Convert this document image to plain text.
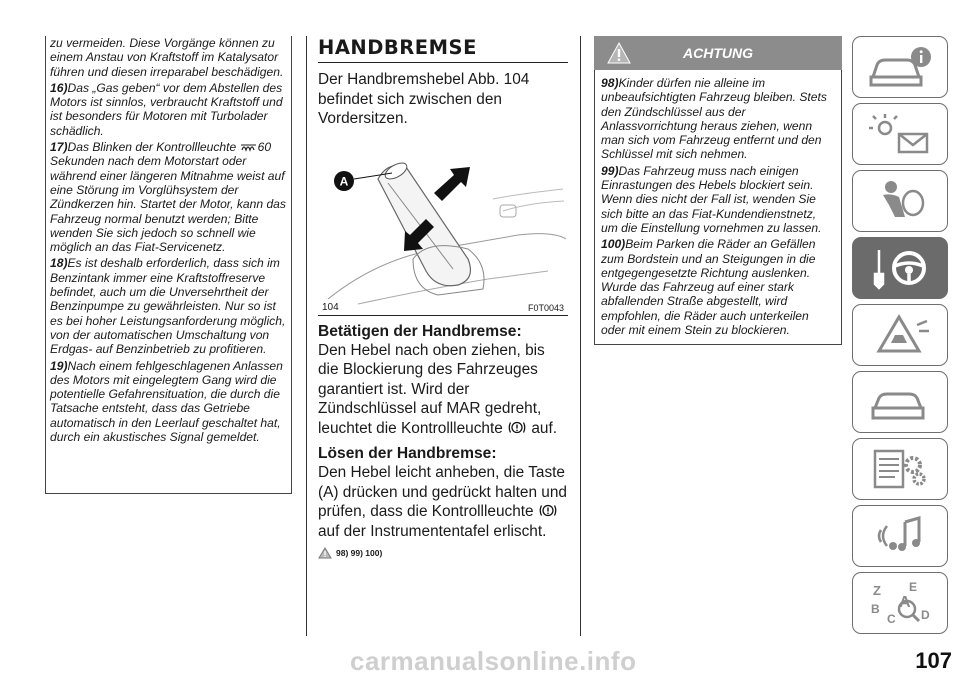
zu vermeiden. Diese Vorgänge können zu einem Anstau von Kraftstoff im Katalysator führen und diesen irreparabel beschädigen.

16)Das „Gas geben“ vor dem Abstellen des Motors ist sinnlos, verbraucht Kraftstoff und ist besonders für Motoren mit Turbolader schädlich.

17)Das Blinken der Kontrollleuchte 60 Sekunden nach dem Motorstart oder während einer längeren Mitnahme weist auf eine Störung im Vorglühsystem der Zündkerzen hin. Startet der Motor, kann das Fahrzeug normal benutzt werden; Bitte wenden Sie sich jedoch so schnell wie möglich an das Fiat-Servicenetz.

18)Es ist deshalb erforderlich, dass sich im Benzintank immer eine Kraftstoffreserve befindet, auch um die Unversehrtheit der Benzinpumpe zu gewährleisten. Nur so ist es bei hoher Leistungsanforderung möglich, von der automatischen Umschaltung von Erdgas- auf Benzinbetrieb zu profitieren.

19)Nach einem fehlgeschlagenen Anlassen des Motors mit eingelegtem Gang wird die potentielle Gefahrensituation, die durch die Tatsache entsteht, dass das Getriebe automatisch in den Leerlauf geschaltet hat, durch ein akustisches Signal gemeldet.

HANDBREMSE

Der Handbremshebel Abb. 104 befindet sich zwischen den Vordersitzen.

A
104	F0T0043

Betätigen der Handbremse:

Den Hebel nach oben ziehen, bis die Blockierung des Fahrzeuges garantiert ist. Wird der Zündschlüssel auf MAR gedreht, leuchtet die Kontrollleuchte auf.

Lösen der Handbremse:

Den Hebel leicht anheben, die Taste (A) drücken und gedrückt halten und prüfen, dass die Kontrollleuchte  auf der Instrumententafel erlischt.

98) 99) 100)
ACHTUNG

98)Kinder dürfen nie alleine im unbeaufsichtigten Fahrzeug bleiben. Stets den Zündschlüssel aus der Anlassvorrichtung heraus ziehen, wenn man sich vom Fahrzeug entfernt und den Schlüssel mit sich nehmen.

99)Das Fahrzeug muss nach einigen Einrastungen des Hebels blockiert sein. Wenn dies nicht der Fall ist, wenden Sie sich bitte an das Fiat-Kundendienstnetz, um die Einstellung vornehmen zu lassen.

100)Beim Parken die Räder an Gefällen zum Bordstein und an Steigungen in die entgegengesetzte Richtung auslenken. Wurde das Fahrzeug auf einer stark abfallenden Straße abgestellt, wird empfohlen, die Räder auch unterkeilen oder mit einem Stein zu blockieren.

Z E
A
B
C D
carmanualsonline.info	107
